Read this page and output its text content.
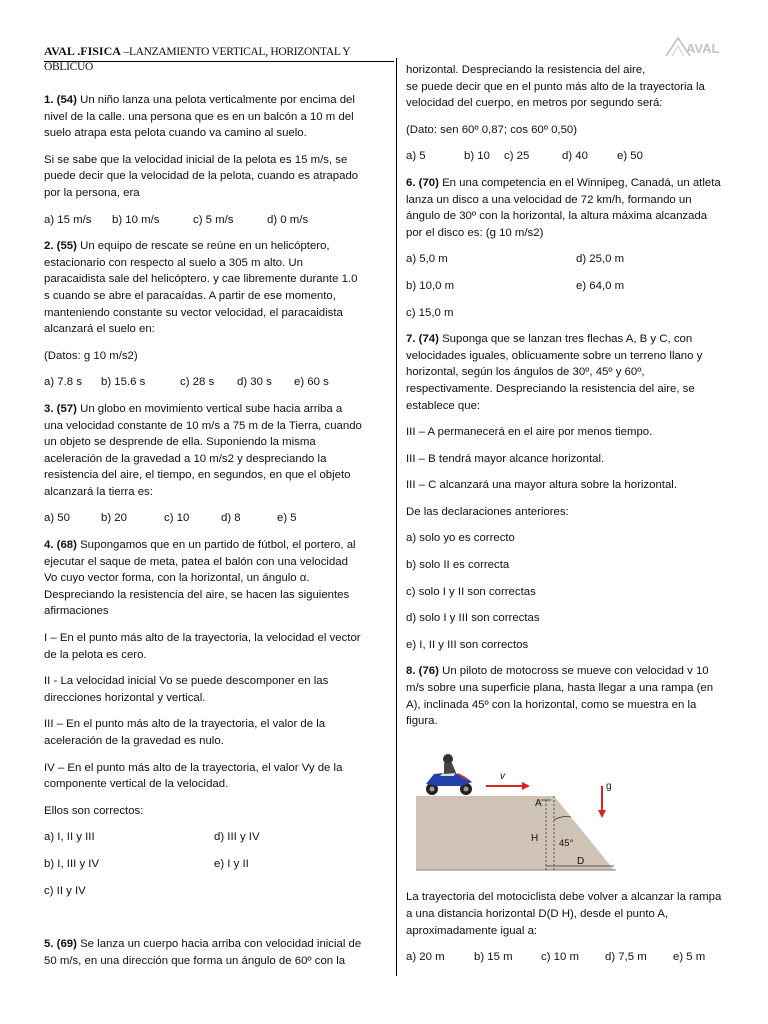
AVAL .FISICA –LANZAMIENTO VERTICAL, HORIZONTAL Y OBLICUO
AVAL

1. (54) Un niño lanza una pelota verticalmente por encima del nivel de la calle. una persona que es en un balcón a 10 m del suelo atrapa esta pelota cuando va camino al suelo.

Si se sabe que la velocidad inicial de la pelota es 15 m/s, se puede decir que la velocidad de la pelota, cuando es atrapado por la persona, era

a) 15 m/s	b) 10 m/s	c) 5 m/s	d) 0 m/s

2. (55) Un equipo de rescate se reúne en un helicóptero, estacionario con respecto al suelo a 305 m alto. Un paracaidista sale del helicóptero. y cae libremente durante 1.0 s cuando se abre el paracaídas. A partir de ese momento, manteniendo constante su vector velocidad, el paracaidista alcanzará el suelo en:

(Datos: g 10 m/s2)

a) 7.8 s	b) 15.6 s	c) 28 s	d) 30 s	e) 60 s

3. (57) Un globo en movimiento vertical sube hacia arriba a una velocidad constante de 10 m/s a 75 m de la Tierra, cuando un objeto se desprende de ella. Suponiendo la misma aceleración de la gravedad a 10 m/s2 y despreciando la resistencia del aire, el tiempo, en segundos, en que el objeto alcanzará la tierra es:

a) 50	b) 20	c) 10	d) 8	e) 5

4. (68) Supongamos que en un partido de fútbol, el portero, al ejecutar el saque de meta, patea el balón con una velocidad Vo cuyo vector forma, con la horizontal, un ángulo α. Despreciando la resistencia del aire, se hacen las siguientes afirmaciones

I – En el punto más alto de la trayectoria, la velocidad el vector de la pelota es cero.

II - La velocidad inicial Vo se puede descomponer en las direcciones horizontal y vertical.

III – En el punto más alto de la trayectoria, el valor de la aceleración de la gravedad es nulo.

IV – En el punto más alto de la trayectoria, el valor Vy de la componente vertical de la velocidad.

Ellos son correctos:

a) I, II y III	d) III y IV
b) I, III y IV	e) I y II

c) II y IV

5. (69) Se lanza un cuerpo hacia arriba con velocidad inicial de 50 m/s, en una dirección que forma un ángulo de 60º con la

horizontal. Despreciando la resistencia del aire,

se puede decir que en el punto más alto de la trayectoria la velocidad del cuerpo, en metros por segundo será:

(Dato: sen 60º 0,87; cos 60º 0,50)

a) 5	b) 10	c) 25	d) 40	e) 50

6. (70) En una competencia en el Winnipeg, Canadá, un atleta lanza un disco a una velocidad de 72 km/h, formando un ángulo de 30º con la horizontal, la altura máxima alcanzada por el disco es: (g 10 m/s2)

a) 5,0 m	d) 25,0 m
b) 10,0 m	e) 64,0 m

c) 15,0 m

7. (74) Suponga que se lanzan tres flechas A, B y C, con velocidades iguales, oblicuamente sobre un terreno llano y horizontal, según los ángulos de 30º, 45º y 60º, respectivamente. Despreciando la resistencia del aire, se establece que:

III – A permanecerá en el aire por menos tiempo.

III – B tendrá mayor alcance horizontal.

III – C alcanzará una mayor altura sobre la horizontal.

De las declaraciones anteriores:

a) solo yo es correcto

b) solo II es correcta

c) solo I y II son correctas

d) solo I y III son correctas

e) I, II y III son correctos

8. (76) Un piloto de motocross se mueve con velocidad v 10 m/s sobre una superficie plana, hasta llegar a una rampa (en A), inclinada 45º con la horizontal, como se muestra en la figura.

v
g
A
H 45°
D

La trayectoria del motociclista debe volver a alcanzar la rampa a una distancia horizontal D(D H), desde el punto A, aproximadamente igual a:

a) 20 m	b) 15 m	c) 10 m	d) 7,5 m	e) 5 m
